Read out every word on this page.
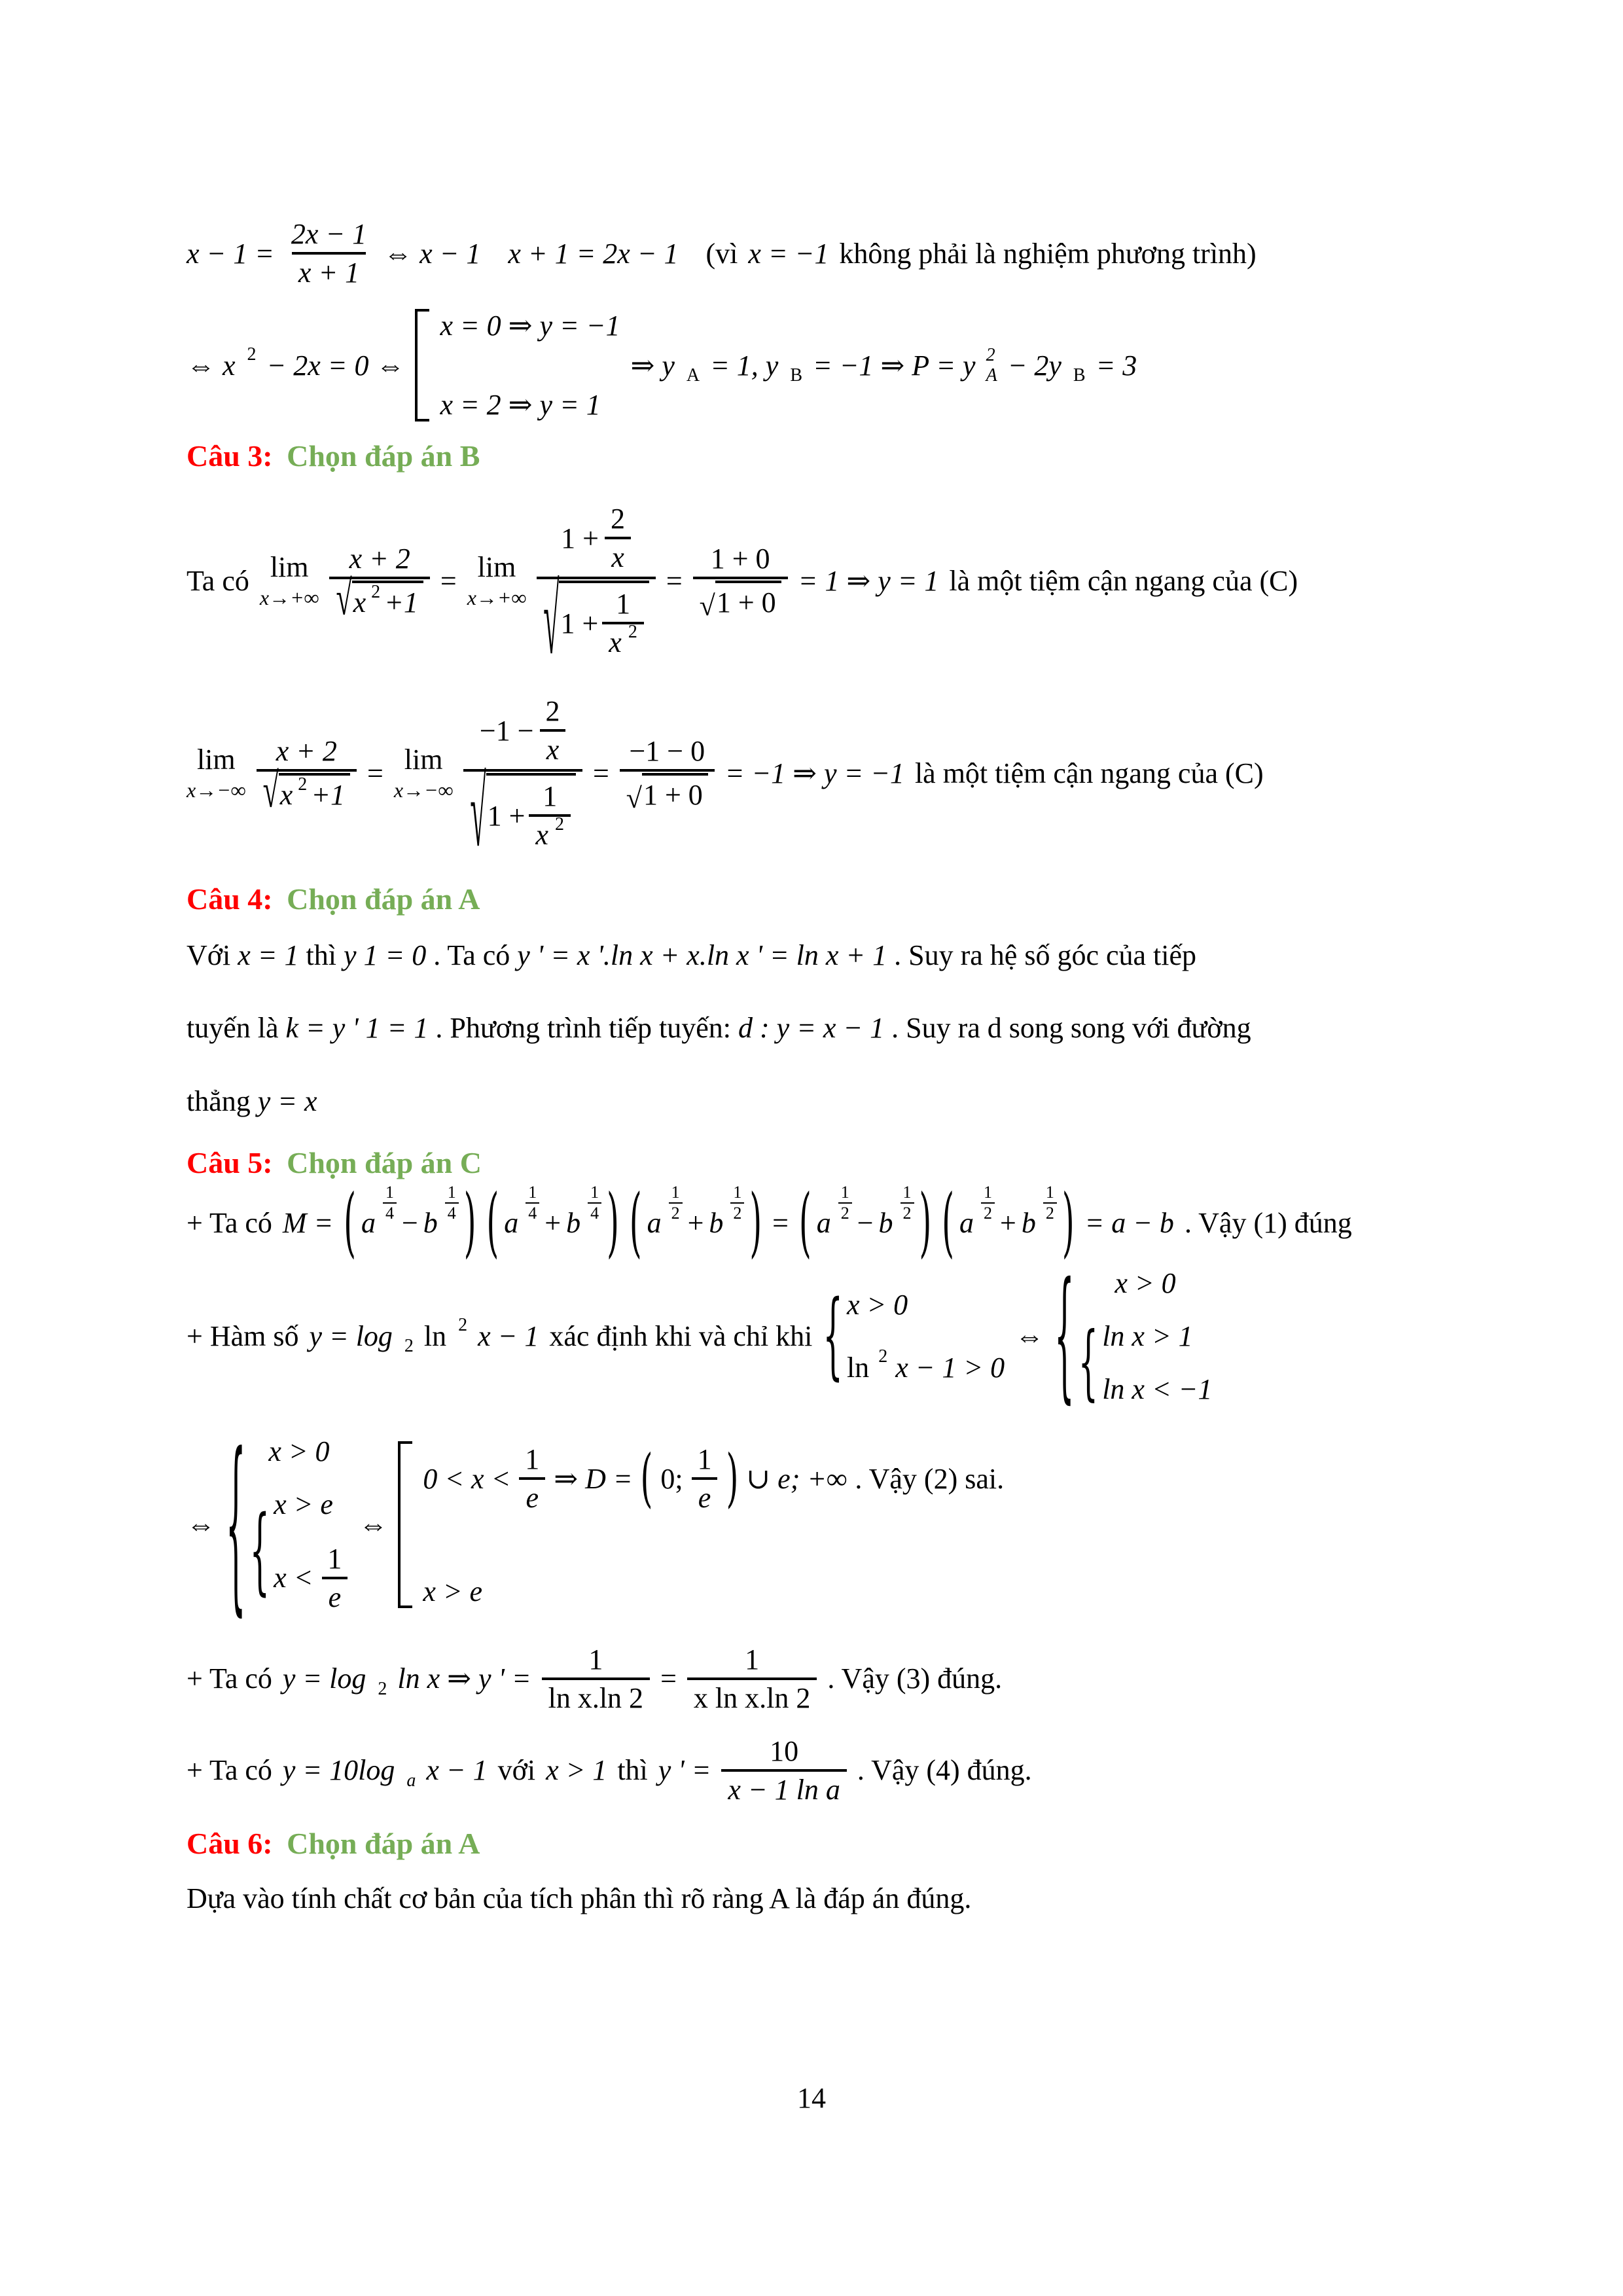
$x - 1 = \frac{2x - 1}{x + 1}$ ⇔ x − 1 x + 1 = 2x − 1 (vì x = −1 không phải là nghiệm phương trình)
⇔ x 2 − 2x = 0 ⇔
x = 0 ⇒ y = −1
x = 2 ⇒ y = 1
⇒ y A = 1, y B = −1 ⇒ P = y 2
A − 2y B = 3
Câu 3: Chọn đáp án B
Ta có lim
$x\to+\infty \frac{x + 2}{√ x 2 +1} = \lim$
x→+∞
$1 + \frac{2}{x}$
√ $1 + \frac{1}{x 2}$
= $\frac{1 + 0}{√ 1 + 0} = 1$ ⇒ y = 1 là một tiệm cận ngang của (C)
lim
$x\to-\infty \frac{x + 2}{√ x 2 +1} = \lim$
x→−∞
$-1 - \frac{2}{x}$
√ $1 + \frac{1}{x 2}$
= $\frac{-1 - 0}{√ 1 + 0} = -1$ ⇒ y = −1 là một tiệm cận ngang của (C)
Câu 4: Chọn đáp án A
Với x = 1 thì y 1 = 0 . Ta có y ' = x '.ln x + x.ln x ' = ln x + 1 . Suy ra hệ số góc của tiếp
tuyến là k = y ' 1 = 1 . Phương trình tiếp tuyến: d : y = x − 1 . Suy ra d song song với đường
thẳng y = x
Câu 5: Chọn đáp án C
+ Ta có M = ( a $\frac{1}{4} - b \frac{1}{4}$ ) ( a $\frac{1}{4} + b \frac{1}{4}$ ) ( a $\frac{1}{2} + b \frac{1}{2}$ ) = ( a $\frac{1}{2} - b \frac{1}{2}$ ) ( a $\frac{1}{2} + b \frac{1}{2}$ ) = a − b . Vậy (1) đúng
+ Hàm số y = log 2 ln 2 x − 1 xác định khi và chỉ khi { x > 0
ln 2 x − 1 > 0
⇔ { x > 0
{ ln x > 1
ln x < −1
⇔ { x > 0
{ x > e
$x < \frac{1}{e}$
⇔
$0 < x < \frac{1}{e}$ ⇒ D = ( 0; $\frac{1}{e}$ ) ∪ e; +∞ . Vậy (2) sai.
x > e
+ Ta có y = log 2 ln x ⇒ y ' = $\frac{1}{\text{ln x.ln 2}} = \frac{1}{\text{x ln x.ln 2}}$ . Vậy (3) đúng.
+ Ta có y = 10log a x − 1 với x > 1 thì y ' = $\frac{10}{\text{x − 1 ln a}}$ . Vậy (4) đúng.
Câu 6: Chọn đáp án A
Dựa vào tính chất cơ bản của tích phân thì rõ ràng A là đáp án đúng.
14
